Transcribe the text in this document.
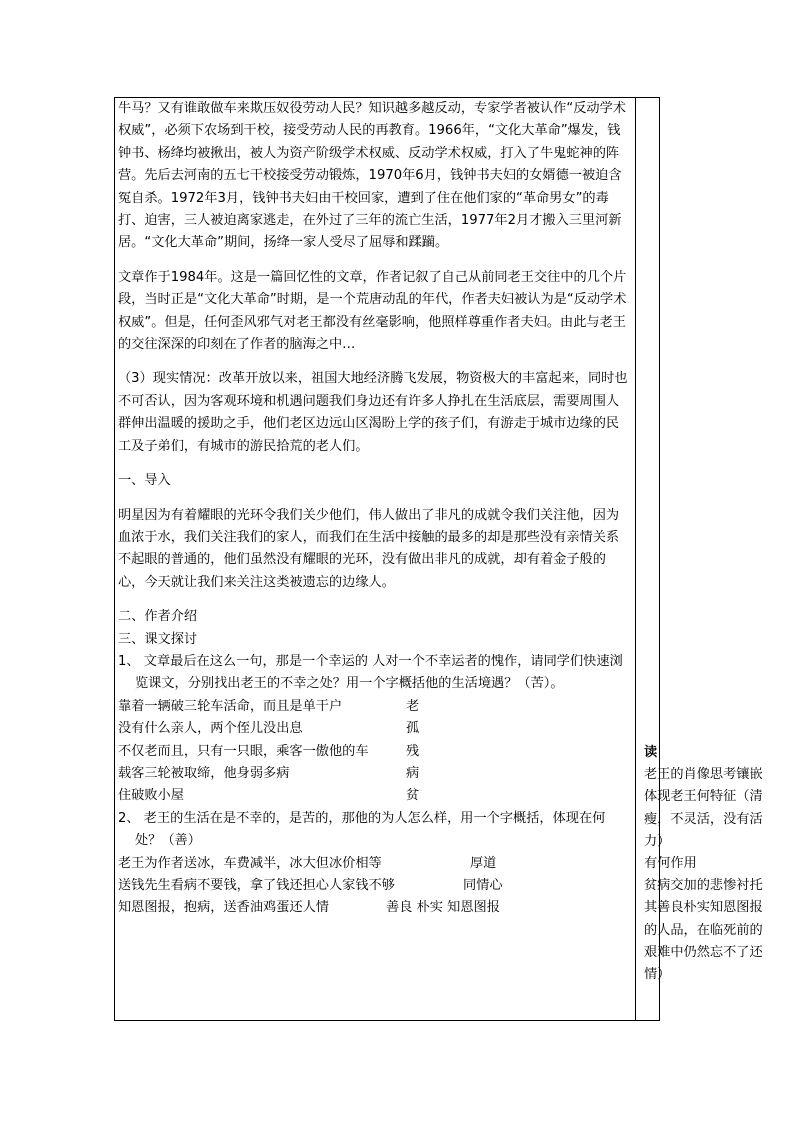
牛马？又有谁敢做车来欺压奴役劳动人民？知识越多越反动，专家学者被认作“反动学术权威”，必须下农场到干校，接受劳动人民的再教育。1966年，“文化大革命”爆发，钱钟书、杨绛均被揪出，被人为资产阶级学术权威、反动学术权威，打入了牛鬼蛇神的阵营。先后去河南的五七干校接受劳动锻炼，1970年6月，钱钟书夫妇的女婿德一被迫含冤自杀。1972年3月，钱钟书夫妇由干校回家，遭到了住在他们家的“革命男女”的毒打、迫害，三人被迫离家逃走，在外过了三年的流亡生活，1977年2月才搬入三里河新居。“文化大革命”期间，扬绛一家人受尽了屈辱和蹂躏。

文章作于1984年。这是一篇回忆性的文章，作者记叙了自己从前同老王交往中的几个片段，当时正是“文化大革命”时期，是一个荒唐动乱的年代，作者夫妇被认为是“反动学术权威”。但是，任何歪风邪气对老王都没有丝毫影响，他照样尊重作者夫妇。由此与老王的交往深深的印刻在了作者的脑海之中…

（3）现实情况：改革开放以来，祖国大地经济腾飞发展，物资极大的丰富起来，同时也不可否认，因为客观环境和机遇问题我们身边还有许多人挣扎在生活底层，需要周围人群伸出温暖的援助之手，他们老区边远山区渴盼上学的孩子们，有游走于城市边缘的民工及子弟们，有城市的游民拾荒的老人们。

一、导入

明星因为有着耀眼的光环令我们关少他们，伟人做出了非凡的成就令我们关注他，因为血浓于水，我们关注我们的家人，而我们在生活中接触的最多的却是那些没有亲情关系不起眼的普通的，他们虽然没有耀眼的光环，没有做出非凡的成就，却有着金子般的心，今天就让我们来关注这类被遗忘的边缘人。

二、作者介绍

三、课文探讨

1、 文章最后在这么一句，那是一个幸运的 人对一个不幸运者的愧作，请同学们快速浏览课文，分别找出老王的不幸之处？用一个字概括他的生活境遇？（苦）。

靠着一辆破三轮车活命，而且是单干户	老
没有什么亲人，两个侄儿没出息	孤
不仅老而且，只有一只眼，乘客一傲他的车	残
载客三轮被取缔，他身弱多病	病
住破败小屋	贫

2、 老王的生活在是不幸的，是苦的，那他的为人怎么样，用一个字概括，体现在何处？（善）

老王为作者送冰，车费减半，冰大但冰价相等	厚道
送钱先生看病不要钱，拿了钱还担心人家钱不够	同情心
知恩图报，抱病，送香油鸡蛋还人情	善良 朴实 知恩图报

读

老王的肖像思考镶嵌体现老王何特征（清瘦，不灵活，没有活力）

有何作用

贫病交加的悲惨衬托其善良朴实知恩图报的人品，在临死前的艰难中仍然忘不了还情）
